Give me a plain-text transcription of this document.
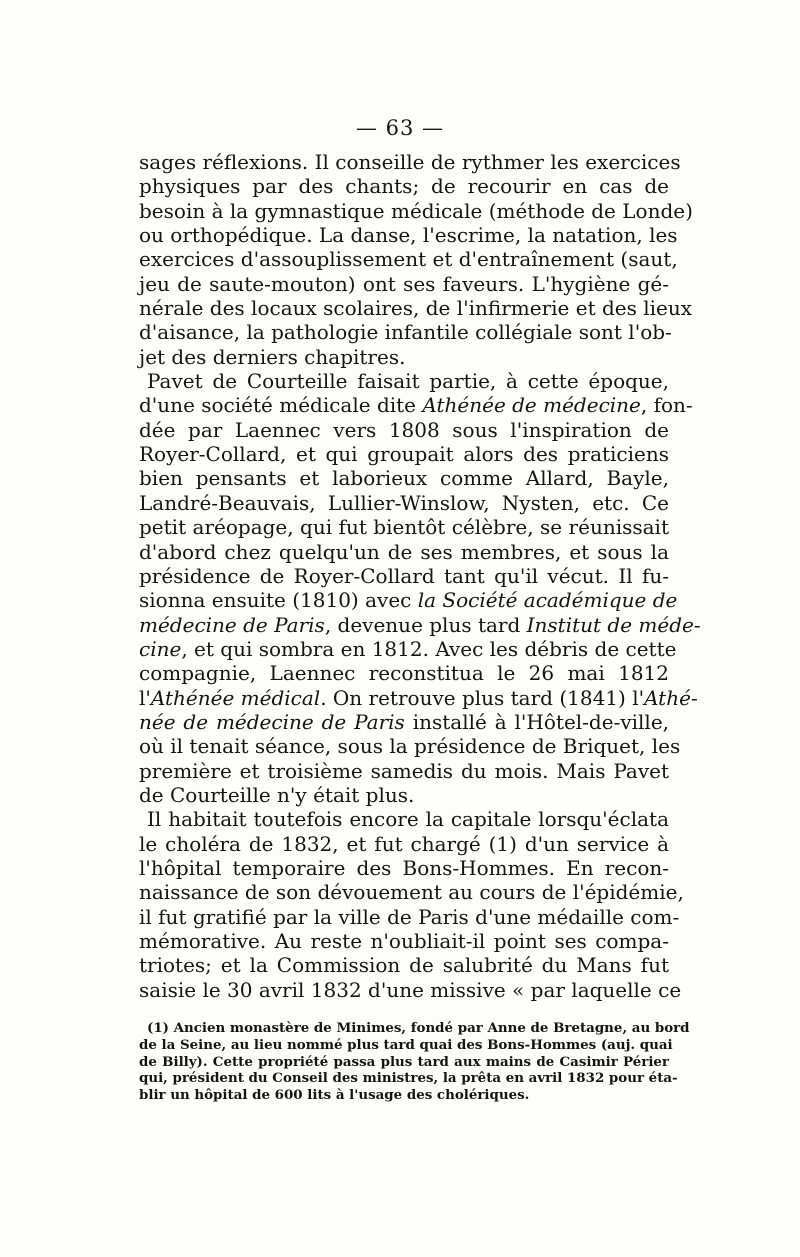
— 63 —
sages réflexions. Il conseille de rythmer les exercices
physiques par des chants; de recourir en cas de
besoin à la gymnastique médicale (méthode de Londe)
ou orthopédique. La danse, l'escrime, la natation, les
exercices d'assouplissement et d'entraînement (saut,
jeu de saute-mouton) ont ses faveurs. L'hygiène gé-
nérale des locaux scolaires, de l'infirmerie et des lieux
d'aisance, la pathologie infantile collégiale sont l'ob-
jet des derniers chapitres.
Pavet de Courteille faisait partie, à cette époque,
d'une société médicale dite Athénée de médecine, fon-
dée par Laennec vers 1808 sous l'inspiration de
Royer-Collard, et qui groupait alors des praticiens
bien pensants et laborieux comme Allard, Bayle,
Landré-Beauvais, Lullier-Winslow, Nysten, etc. Ce
petit aréopage, qui fut bientôt célèbre, se réunissait
d'abord chez quelqu'un de ses membres, et sous la
présidence de Royer-Collard tant qu'il vécut. Il fu-
sionna ensuite (1810) avec la Société académique de
médecine de Paris, devenue plus tard Institut de méde-
cine, et qui sombra en 1812. Avec les débris de cette
compagnie, Laennec reconstitua le 26 mai 1812
l'Athénée médical. On retrouve plus tard (1841) l'Athé-
née de médecine de Paris installé à l'Hôtel-de-ville,
où il tenait séance, sous la présidence de Briquet, les
première et troisième samedis du mois. Mais Pavet
de Courteille n'y était plus.
Il habitait toutefois encore la capitale lorsqu'éclata
le choléra de 1832, et fut chargé (1) d'un service à
l'hôpital temporaire des Bons-Hommes. En recon-
naissance de son dévouement au cours de l'épidémie,
il fut gratifié par la ville de Paris d'une médaille com-
mémorative. Au reste n'oubliait-il point ses compa-
triotes; et la Commission de salubrité du Mans fut
saisie le 30 avril 1832 d'une missive « par laquelle ce
(1) Ancien monastère de Minimes, fondé par Anne de Bretagne, au bord
de la Seine, au lieu nommé plus tard quai des Bons-Hommes (auj. quai
de Billy). Cette propriété passa plus tard aux mains de Casimir Périer
qui, président du Conseil des ministres, la prêta en avril 1832 pour éta-
blir un hôpital de 600 lits à l'usage des cholériques.
